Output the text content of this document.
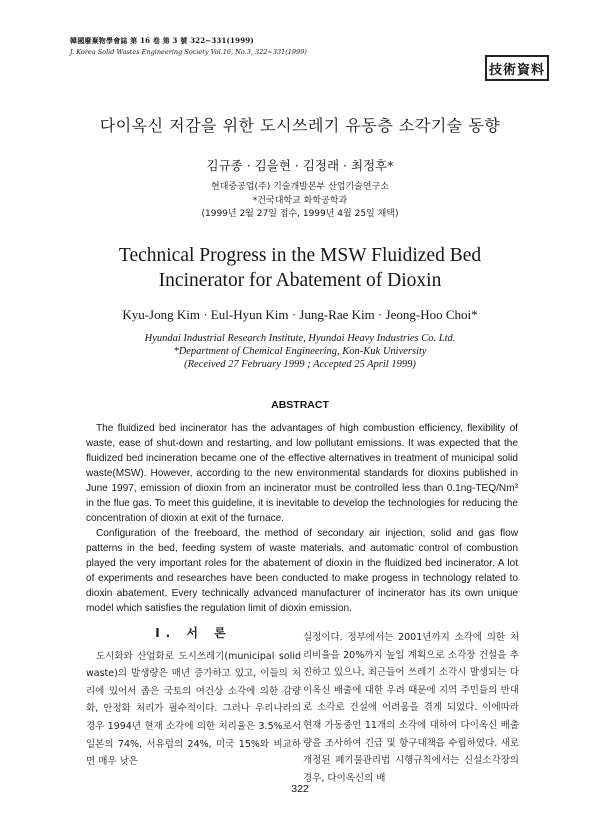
韓國廢棄物學會誌 第 16 卷 第 3 號 322~331(1999)
J. Korea Solid Wastes Engineering Society Vol.16, No.3, 322~331(1999)
技術資料
다이옥신 저감을 위한 도시쓰레기 유동층 소각기술 동향
김규종 · 김을현 · 김정래 · 최정후*
현대중공업(주) 기술개발본부 산업기술연구소
*건국대학교 화학공학과
(1999년 2월 27일 접수, 1999년 4월 25일 채택)
Technical Progress in the MSW Fluidized Bed
Incinerator for Abatement of Dioxin
Kyu-Jong Kim · Eul-Hyun Kim · Jung-Rae Kim · Jeong-Hoo Choi*
Hyundai Industrial Research Institute, Hyundai Heavy Industries Co. Ltd.
*Department of Chemical Engineering, Kon-Kuk University
(Received 27 February 1999 ; Accepted 25 April 1999)
ABSTRACT

The fluidized bed incinerator has the advantages of high combustion efficiency, flexibility of waste, ease of shut-down and restarting, and low pollutant emissions. It was expected that the fluidized bed incineration became one of the effective alternatives in treatment of municipal solid waste(MSW). However, according to the new environmental standards for dioxins published in June 1997, emission of dioxin from an incinerator must be controlled less than 0.1ng-TEQ/Nm³ in the flue gas. To meet this guideline, it is inevitable to develop the technologies for reducing the concentration of dioxin at exit of the furnace.

Configuration of the freeboard, the method of secondary air injection, solid and gas flow patterns in the bed, feeding system of waste materials, and automatic control of combustion played the very important roles for the abatement of dioxin in the fluidized bed incinerator. A lot of experiments and researches have been conducted to make progess in technology related to dioxin abatement. Every technically advanced manufacturer of incinerator has its own unique model which satisfies the regulation limit of dioxin emission.

Ⅰ. 서 론

도시화와 산업화로 도시쓰레기(municipal solid waste)의 발생량은 매년 증가하고 있고, 이들의 처리에 있어서 좁은 국토의 여건상 소각에 의한 감량화, 안정화 처리가 필수적이다. 그러나 우리나라의 경우 1994년 현재 소각에 의한 처리율은 3.5%로서 일본의 74%, 서유럽의 24%, 미국 15%와 비교하면 매우 낮은

실정이다. 정부에서는 2001년까지 소각에 의한 처리비율을 20%까지 높일 계획으로 소각장 건설을 추진하고 있으나, 최근들어 쓰레기 소각시 발생되는 다이옥신 배출에 대한 우려 때문에 지역 주민들의 반대로 소각로 건설에 어려움을 겪게 되었다. 이에따라 현재 가동중인 11개의 소각에 대하여 다이옥신 배출량을 조사하여 긴급 및 항구대책을 수립하였다. 새로 개정된 폐기물관리법 시행규칙에서는 신설소각장의 경우, 다이옥신의 배

322
